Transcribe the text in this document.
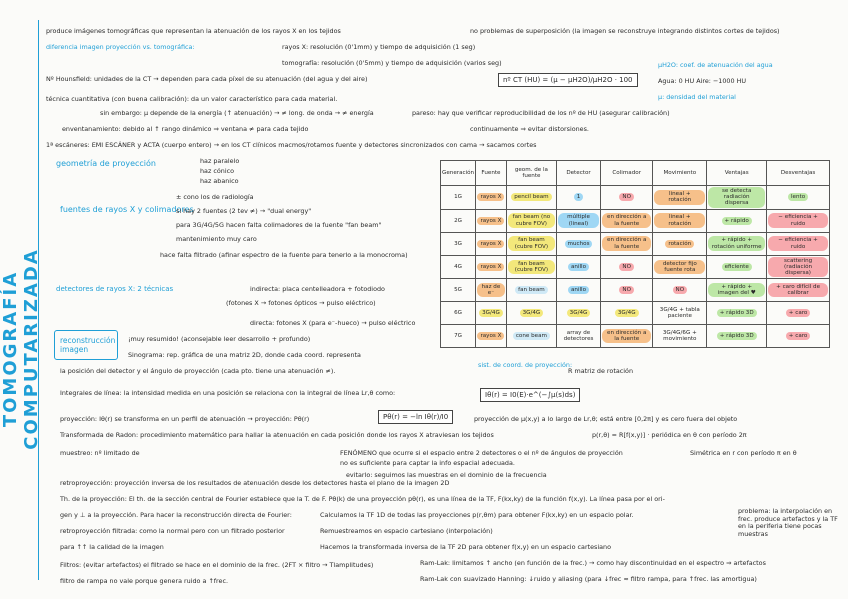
TOMOGRAFÍA COMPUTARIZADA
produce imágenes tomográficas que representan la atenuación de los rayos X en los tejidos	no problemas de superposición (la imagen se reconstruye integrando distintos cortes de tejidos)
diferencia imagen proyección vs. tomográfica:	rayos X: resolución (0'1mm) y tiempo de adquisición (1 seg)
tomografía: resolución (0'5mm) y tiempo de adquisición (varios seg)
Nº Hounsfield: unidades de la CT → dependen para cada píxel de su atenuación (del agua y del aire)	nº CT (HU) = (μ − μH2O)/μH2O · 100
μH2O: coef. de atenuación del agua
Agua: 0 HU Aire: −1000 HU
μ: densidad del material
técnica cuantitativa (con buena calibración): da un valor característico para cada material.
sin embargo: μ depende de la energía (↑ atenuación) → ≠ long. de onda → ≠ energía	pareso: hay que verificar reproducibilidad de los nº de HU (asegurar calibración)
enventanamiento: debido al ↑ rango dinámico ⇒ ventana ≠ para cada tejido	continuamente ⇒ evitar distorsiones.
1ª escáneres: EMI ESCÁNER y ACTA (cuerpo entero) → en los CT clínicos macmos/rotamos fuente y detectores sincronizados con cama → sacamos cortes
geometría de proyección	haz paralelo
haz cónico
haz abanico
fuentes de rayos X y colimadores
± cono los de radiología
si hay 2 fuentes (2 tev ≠) → "dual energy"
para 3G/4G/5G hacen falta colimadores de la fuente "fan beam"
mantenimiento muy caro
hace falta filtrado (afinar espectro de la fuente para tenerlo a la monocroma)
detectores de rayos X: 2 técnicas	indirecta: placa centelleadora + fotodiodo
(fotones X → fotones ópticos → pulso eléctrico)
directa: fotones X (para e⁻-hueco) → pulso eléctrico
reconstrucción imagen
¡muy resumido! (aconsejable leer desarrollo + profundo)
Sinograma: rep. gráfica de una matriz 2D, donde cada coord. representa
la posición del detector y el ángulo de proyección (cada pto. tiene una atenuación ≠).
sist. de coord. de proyección:
R matriz de rotación
Integrales de línea: la intensidad medida en una posición se relaciona con la integral de línea Lr,θ como:	Iθ(r) = I0(E)·e^(−∫μ(s)ds)
proyección: Iθ(r) se transforma en un perfil de atenuación → proyección: Pθ(r)	Pθ(r) = −ln Iθ(r)/I0	proyección de μ(x,y) a lo largo de Lr,θ; está entre [0,2π] y es cero fuera del objeto
Transformada de Radon: procedimiento matemático para hallar la atenuación en cada posición donde los rayos X atraviesan los tejidos	p(r,θ) = R[f(x,y)] · periódica en θ con período 2π
muestreo: nº limitado de	FENÓMENO que ocurre si el espacio entre 2 detectores o el nº de ángulos de proyección
no es suficiente para captar la info espacial adecuada.
Simétrica en r con período π en θ
evitarlo: seguimos las muestras en el dominio de la frecuencia
retroproyección: proyección inversa de los resultados de atenuación desde los detectores hasta el plano de la imagen 2D
Th. de la proyección: El th. de la sección central de Fourier establece que la T. de F. Pθ(k) de una proyección pθ(r), es una línea de la TF, F(kx,ky) de la función f(x,y). La línea pasa por el ori-
gen y ⊥ a la proyección. Para hacer la reconstrucción directa de Fourier:	Calculamos la TF 1D de todas las proyecciones p(r,θm) para obtener F(kx,ky) en un espacio polar.
retroproyección filtrada: como la normal pero con un filtrado posterior	Remuestreamos en espacio cartesiano (interpolación)
para ↑↑ la calidad de la imagen	Hacemos la transformada inversa de la TF 2D para obtener f(x,y) en un espacio cartesiano
problema: la interpolación en frec. produce artefactos y la TF en la periferia tiene pocas muestras
Filtros: (evitar artefactos) el filtrado se hace en el dominio de la frec. (2FT × filtro → Tlamplitudes)
filtro de rampa no vale porque genera ruido a ↑frec.
Ram-Lak: limitamos ↑ ancho (en función de la frec.) → como hay discontinuidad en el espectro ⇒ artefactos
Ram-Lak con suavizado Hanning: ↓ruido y aliasing (para ↓frec ≈ filtro rampa, para ↑frec. las amortigua)
Generación	Fuente	geom. de la fuente	Detector	Colimador	Movimiento	Ventajas	Desventajas
1G	rayos X	pencil beam	1	NO	lineal + rotación	se detecta radiación dispersa	lento
2G	rayos X	fan beam (no cubre FOV)	múltiple (lineal)	en dirección a la fuente	lineal + rotación	+ rápido	− eficiencia + ruido
3G	rayos X	fan beam (cubre FOV)	muchos	en dirección a la fuente	rotación	+ rápido + rotación uniforme	− eficiencia + ruido
4G	rayos X	fan beam (cubre FOV)	anillo	NO	detector fijo fuente rota	eficiente	scattering (radiación dispersa)
5G	haz de e⁻	fan beam	anillo	NO	NO	+ rápido + imagen del ♥	+ caro difícil de calibrar
6G	3G/4G	3G/4G	3G/4G	3G/4G	3G/4G + tabla paciente	+ rápido 3D	+ caro
7G	rayos X	cone beam	array de detectores	en dirección a la fuente	3G/4G/6G + movimiento	+ rápido 3D	+ caro
